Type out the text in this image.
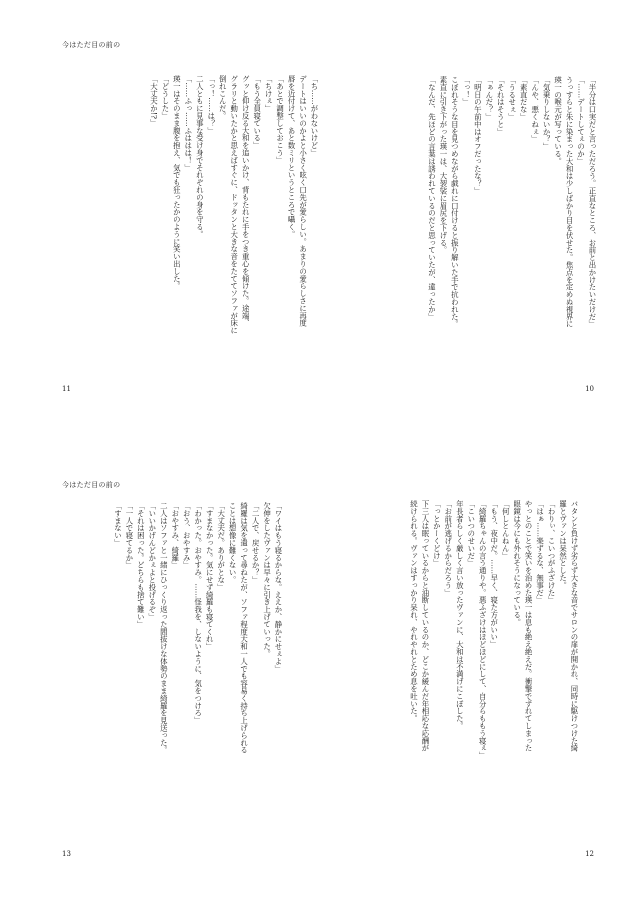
今はただ目の前の

「ち……がわないけど」

デートはいいのかよと小さく呟く口先が愛らしい。あまりの愛らしさに再度

唇を近付けて、あと数ミリというところで囁く。

「あとで調整しておこう」

「ちけぇ」

「もう全員寝ている」

グッと仰け反る大和を追いかけ、背もたれに手をつき重心を傾けた。途端、

グラリと動いたかと思えばすぐに、ドッタンと大きな音をたててソファが床に

倒れこんだ。

「っ！……は？」

二人ともに見事な受け身でそれぞれの身を守る。

「……ふっ……ふははは！」

瑛一はそのまま腹を抱え、気でも狂ったかのように笑い出した。

「どうした」

「大丈夫か!?」

11

「半分は口実だと言っただろう。正直なところ、お前と出かけたいだけだ」

「……デートしてぇのか」

うっすらと朱に染まった大和は少しばかり目を伏せた。焦点を定めぬ視界に

瑛一の喉元が写っている。

「気乗りしないか？」

「んや、悪くねぇ」

「素直だな」

「うるせぇ」

「それはそうと」

「ぁんだ？」

「明日の午前中はオフだったな？」

「っ！」

こぼれそうな目を見つめながら戯れに口付けると振り解いた手で抗われた。

素直に引き下がった瑛一は、大袈裟に眉尻を下げる。

「なんだ、先ほどの言葉は誘われているのだと思っていたが、違ったか」

10
今はただ目の前の

「ワイはもう寝るからな。ええか、静かにせぇよ」

欠伸をしたヴァンは早々に引き上げていった。

「二人で、戻せるか？」

綺羅は気を遣って尋ねたが、ソファ程度大和一人でも容易く持ち上げられる

ことは想像に難くない。

「大丈夫だ。ありがとな」

「すまなかった。気にせず綺羅も寝てくれ」

「わかった。おやすみ。……怪我を、しないように、気をつけろ」

「おう、おやすみ」

「おやすみ、綺羅」

二人はソファと一緒にひっくり返った間抜けな体勢のまま綺羅を見送った。

「いいかげんどかぇよと投げるぞ」

「それは困った。どちらも捨て難い」

「一人で寝てるか」

「すまない」

13

バタンと負けず劣らず大きな音でサロンの扉が開かれ、同時に駆けつけた綺

羅とヴァンは呆然とした。

「わりぃ、こいつがふざけた」

「はぁ……楽ずるな、無事だ」

やっとのことで笑いを治めた瑛一は息も絶え絶えだ。衝撃でずれてしまった

眼鏡は今にも外れそうになっている。

「何しとんねん」

「もう、夜中だ。……早く、寝た方がいい」

「綺羅ちゃんの言う通りや。悪ふざけはほどほどにして、自分らももう寝ぇ」

「こいつのせいだ」

年長者らしく厳しく言い放ったヴァンに、大和は不満げにこぼした。

「お前が逃げるからだろう」

「っとかーくどけ」

下三人は眠っているからと油断しているのか、どこか緩んだ年相応な応酬が

続けられる。ヴァンはすっかり呆れ、やれやれとため息を吐いた。

12
